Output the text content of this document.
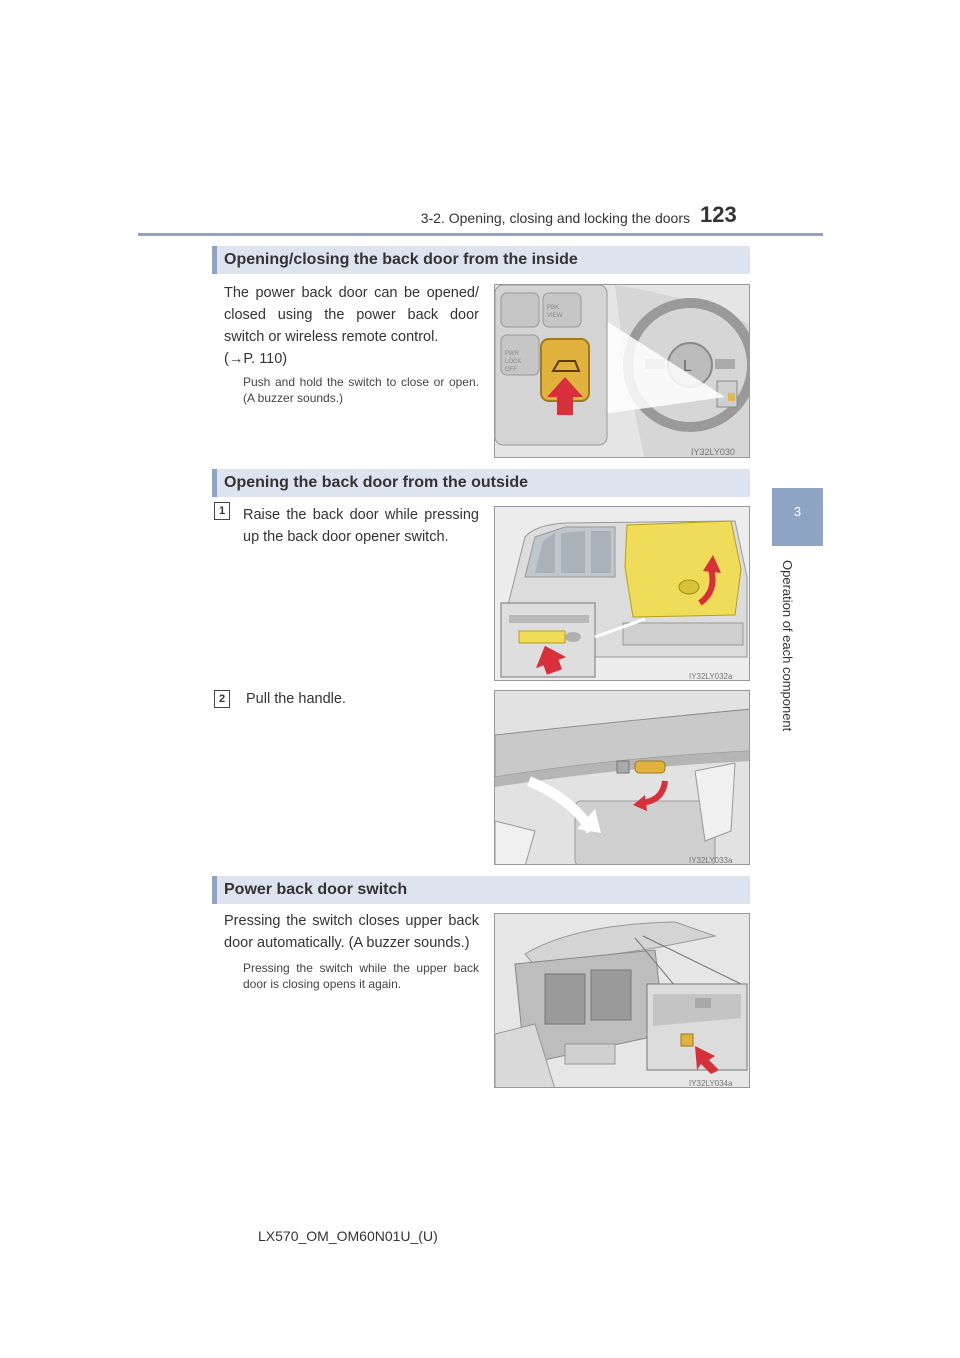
3-2. Opening, closing and locking the doors 123
3
Operation of each component
Opening/closing the back door from the inside
The power back door can be opened/ closed using the power back door switch or wireless remote control.
(→P. 110)
Push and hold the switch to close or open. (A buzzer sounds.)
L
PBK
VIEW
PWR
LOCK
OFF
IY32LY030
Opening the back door from the outside
1	Raise the back door while pressing up the back door opener switch.
IY32LY032a
2	Pull the handle.
IY32LY033a
Power back door switch
Pressing the switch closes upper back door automatically. (A buzzer sounds.)
Pressing the switch while the upper back door is closing opens it again.
IY32LY034a
LX570_OM_OM60N01U_(U)
